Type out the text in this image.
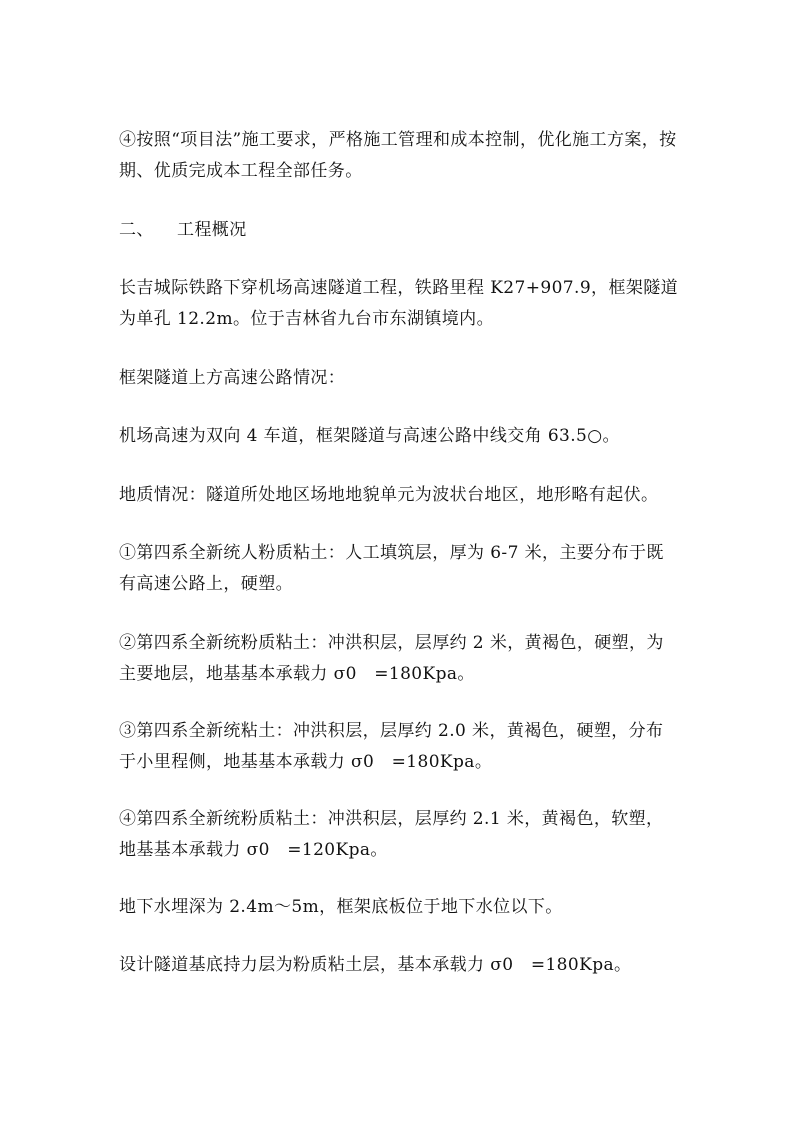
④按照“项目法”施工要求，严格施工管理和成本控制，优化施工方案，按期、优质完成本工程全部任务。

二、 工程概况

长吉城际铁路下穿机场高速隧道工程，铁路里程 K27+907.9，框架隧道为单孔 12.2m。位于吉林省九台市东湖镇境内。

框架隧道上方高速公路情况：

机场高速为双向 4 车道，框架隧道与高速公路中线交角 63.5○。

地质情况：隧道所处地区场地地貌单元为波状台地区，地形略有起伏。

①第四系全新统人粉质粘土：人工填筑层，厚为 6-7 米，主要分布于既有高速公路上，硬塑。

②第四系全新统粉质粘土：冲洪积层，层厚约 2 米，黄褐色，硬塑，为主要地层，地基基本承载力 σ0　=180Kpa。

③第四系全新统粘土：冲洪积层，层厚约 2.0 米，黄褐色，硬塑，分布于小里程侧，地基基本承载力 σ0　=180Kpa。

④第四系全新统粉质粘土：冲洪积层，层厚约 2.1 米，黄褐色，软塑，地基基本承载力 σ0　=120Kpa。

地下水埋深为 2.4m～5m，框架底板位于地下水位以下。

设计隧道基底持力层为粉质粘土层，基本承载力 σ0　=180Kpa。
